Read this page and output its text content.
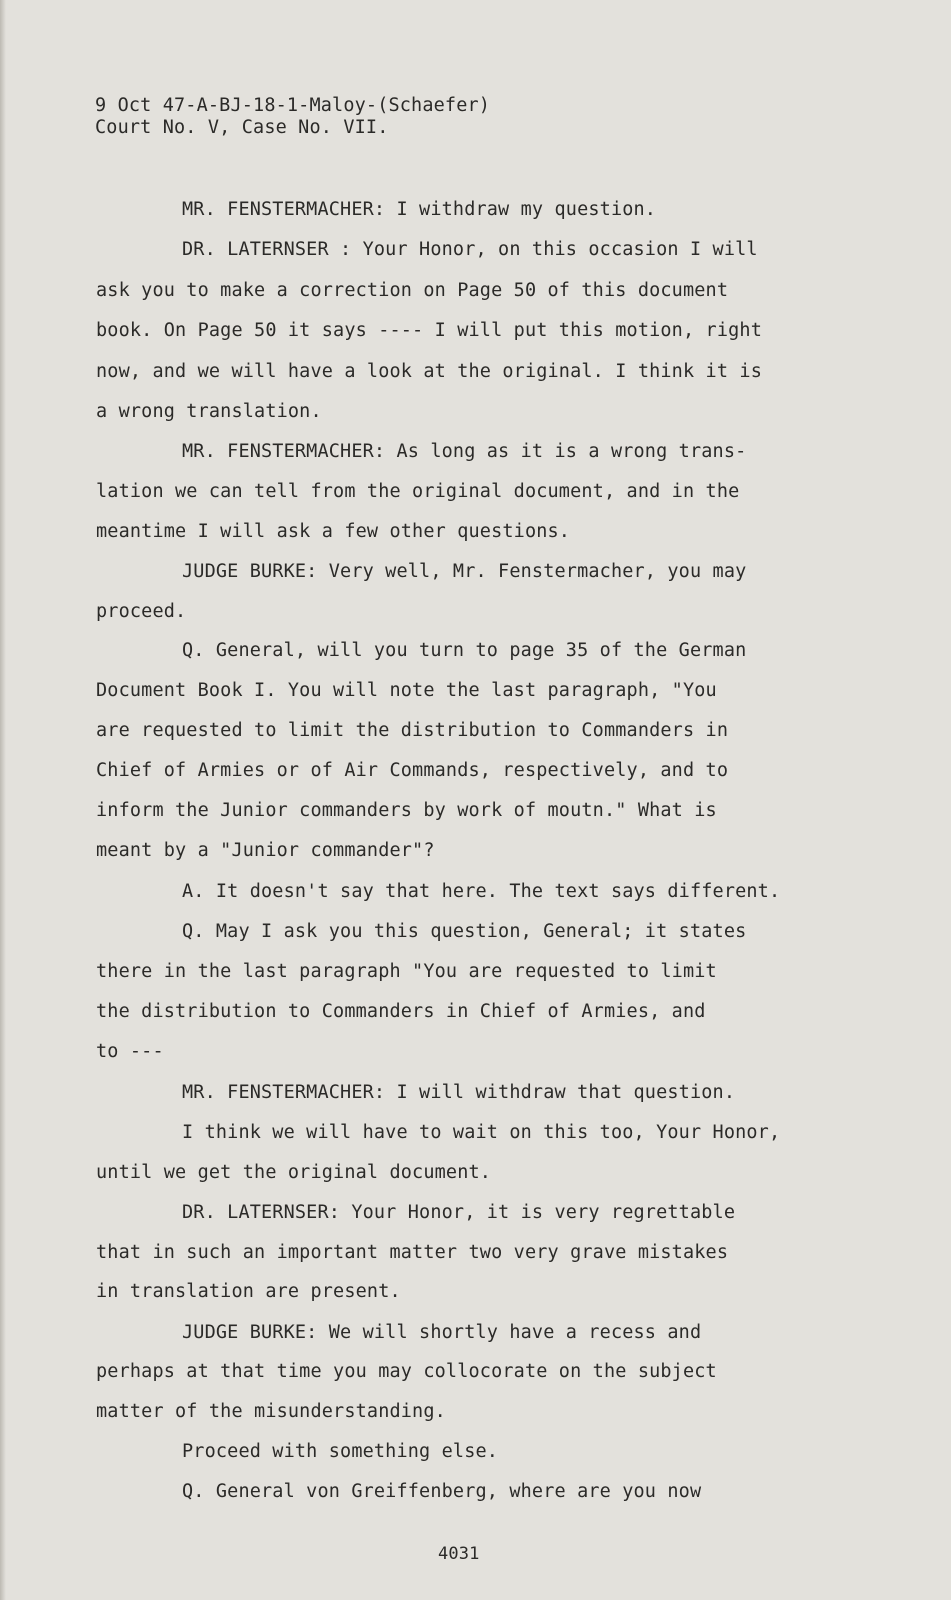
9 Oct 47-A-BJ-18-1-Maloy-(Schaefer)
Court No. V, Case No. VII.
MR. FENSTERMACHER: I withdraw my question.
DR. LATERNSER : Your Honor, on this occasion I will
ask you to make a correction on Page 50 of this document
book. On Page 50 it says ---- I will put this motion, right
now, and we will have a look at the original. I think it is
a wrong translation.
MR. FENSTERMACHER: As long as it is a wrong trans-
lation we can tell from the original document, and in the
meantime I will ask a few other questions.
JUDGE BURKE: Very well, Mr. Fenstermacher, you may
proceed.
Q. General, will you turn to page 35 of the German
Document Book I. You will note the last paragraph, "You
are requested to limit the distribution to Commanders in
Chief of Armies or of Air Commands, respectively, and to
inform the Junior commanders by work of moutn." What is
meant by a "Junior commander"?
A. It doesn't say that here. The text says different.
Q. May I ask you this question, General; it states
there in the last paragraph "You are requested to limit
the distribution to Commanders in Chief of Armies, and
to ---
MR. FENSTERMACHER: I will withdraw that question.
I think we will have to wait on this too, Your Honor,
until we get the original document.
DR. LATERNSER: Your Honor, it is very regrettable
that in such an important matter two very grave mistakes
in translation are present.
JUDGE BURKE: We will shortly have a recess and
perhaps at that time you may collocorate on the subject
matter of the misunderstanding.
Proceed with something else.
Q. General von Greiffenberg, where are you now
4031
